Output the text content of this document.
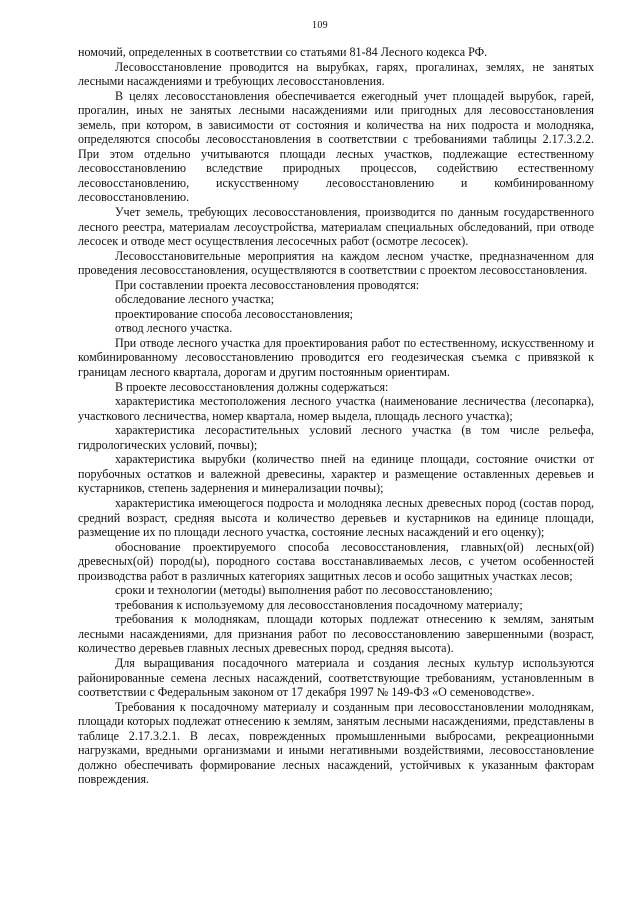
109

номочий, определенных в соответствии со статьями 81-84 Лесного кодекса РФ.

Лесовосстановление проводится на вырубках, гарях, прогалинах, землях, не занятых лесными насаждениями и требующих лесовосстановления.

В целях лесовосстановления обеспечивается ежегодный учет площадей вырубок, гарей, прогалин, иных не занятых лесными насаждениями или пригодных для лесовосстановления земель, при котором, в зависимости от состояния и количества на них подроста и молодняка, определяются способы лесовосстановления в соответствии с требованиями таблицы 2.17.3.2.2. При этом отдельно учитываются площади лесных участков, подлежащие естественному лесовосстановлению вследствие природных процессов, содействию естественному лесовосстановлению, искусственному лесовосстановлению и комбинированному лесовосстановлению.

Учет земель, требующих лесовосстановления, производится по данным государственного лесного реестра, материалам лесоустройства, материалам специальных обследований, при отводе лесосек и отводе мест осуществления лесосечных работ (осмотре лесосек).

Лесовосстановительные мероприятия на каждом лесном участке, предназначенном для проведения лесовосстановления, осуществляются в соответствии с проектом лесовосстановления.

При составлении проекта лесовосстановления проводятся:

обследование лесного участка;

проектирование способа лесовосстановления;

отвод лесного участка.

При отводе лесного участка для проектирования работ по естественному, искусственному и комбинированному лесовосстановлению проводится его геодезическая съемка с привязкой к границам лесного квартала, дорогам и другим постоянным ориентирам.

В проекте лесовосстановления должны содержаться:

характеристика местоположения лесного участка (наименование лесничества (лесопарка), участкового лесничества, номер квартала, номер выдела, площадь лесного участка);

характеристика лесорастительных условий лесного участка (в том числе рельефа, гидрологических условий, почвы);

характеристика вырубки (количество пней на единице площади, состояние очистки от порубочных остатков и валежной древесины, характер и размещение оставленных деревьев и кустарников, степень задернения и минерализации почвы);

характеристика имеющегося подроста и молодняка лесных древесных пород (состав пород, средний возраст, средняя высота и количество деревьев и кустарников на единице площади, размещение их по площади лесного участка, состояние лесных насаждений и его оценку);

обоснование проектируемого способа лесовосстановления, главных(ой) лесных(ой) древесных(ой) пород(ы), породного состава восстанавливаемых лесов, с учетом особенностей производства работ в различных категориях защитных лесов и особо защитных участках лесов;

сроки и технологии (методы) выполнения работ по лесовосстановлению;

требования к используемому для лесовосстановления посадочному материалу;

требования к молоднякам, площади которых подлежат отнесению к землям, занятым лесными насаждениями, для признания работ по лесовосстановлению завершенными (возраст, количество деревьев главных лесных древесных пород, средняя высота).

Для выращивания посадочного материала и создания лесных культур используются районированные семена лесных насаждений, соответствующие требованиям, установленным в соответствии с Федеральным законом от 17 декабря 1997 № 149-ФЗ «О семеноводстве».

Требования к посадочному материалу и созданным при лесовосстановлении молоднякам, площади которых подлежат отнесению к землям, занятым лесными насаждениями, представлены в таблице 2.17.3.2.1. В лесах, поврежденных промышленными выбросами, рекреационными нагрузками, вредными организмами и иными негативными воздействиями, лесовосстановление должно обеспечивать формирование лесных насаждений, устойчивых к указанным факторам повреждения.
